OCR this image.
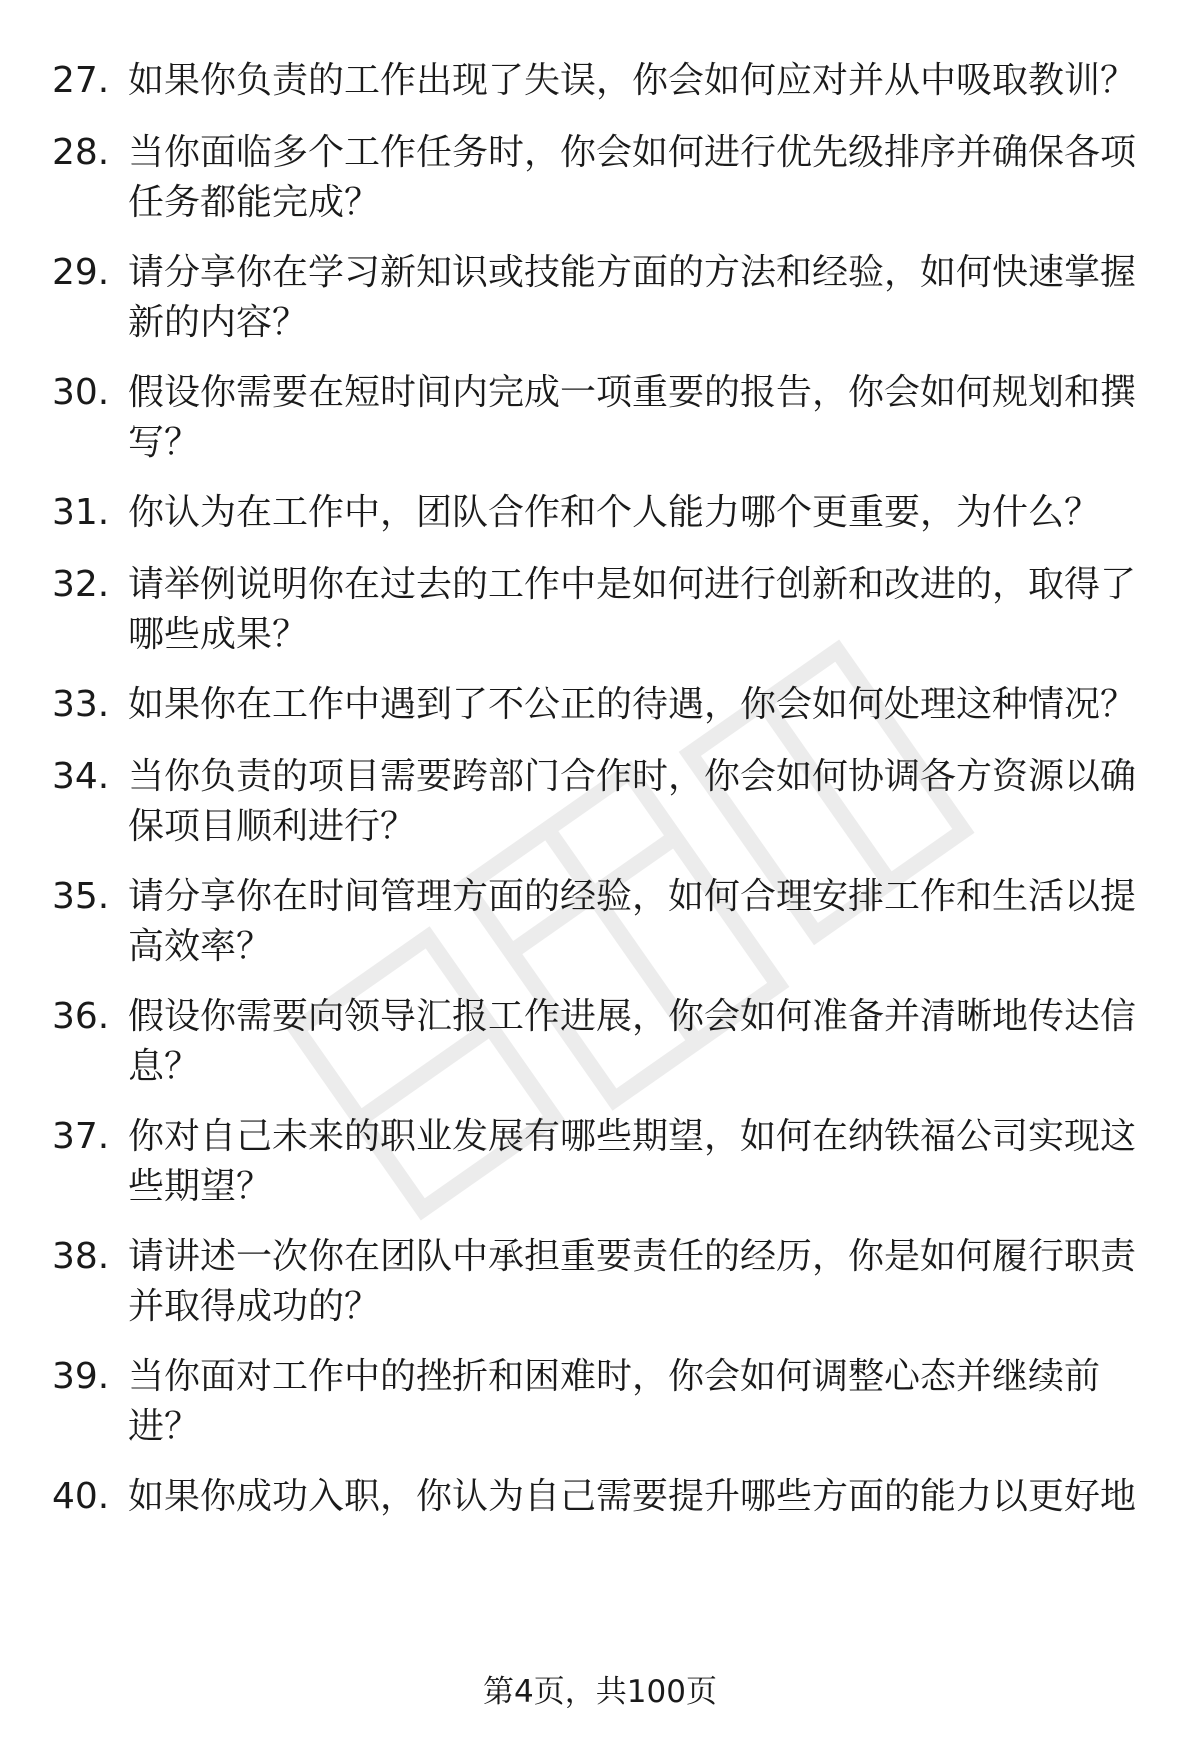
27. 如果你负责的工作出现了失误，你会如何应对并从中吸取教训？
28. 当你面临多个工作任务时，你会如何进行优先级排序并确保各项任务都能完成？
29. 请分享你在学习新知识或技能方面的方法和经验，如何快速掌握新的内容？
30. 假设你需要在短时间内完成一项重要的报告，你会如何规划和撰写？
31. 你认为在工作中，团队合作和个人能力哪个更重要，为什么？
32. 请举例说明你在过去的工作中是如何进行创新和改进的，取得了哪些成果？
33. 如果你在工作中遇到了不公正的待遇，你会如何处理这种情况？
34. 当你负责的项目需要跨部门合作时，你会如何协调各方资源以确保项目顺利进行？
35. 请分享你在时间管理方面的经验，如何合理安排工作和生活以提高效率？
36. 假设你需要向领导汇报工作进展，你会如何准备并清晰地传达信息？
37. 你对自己未来的职业发展有哪些期望，如何在纳铁福公司实现这些期望？
38. 请讲述一次你在团队中承担重要责任的经历，你是如何履行职责并取得成功的？
39. 当你面对工作中的挫折和困难时，你会如何调整心态并继续前进？
40. 如果你成功入职，你认为自己需要提升哪些方面的能力以更好地
第4页，共100页
